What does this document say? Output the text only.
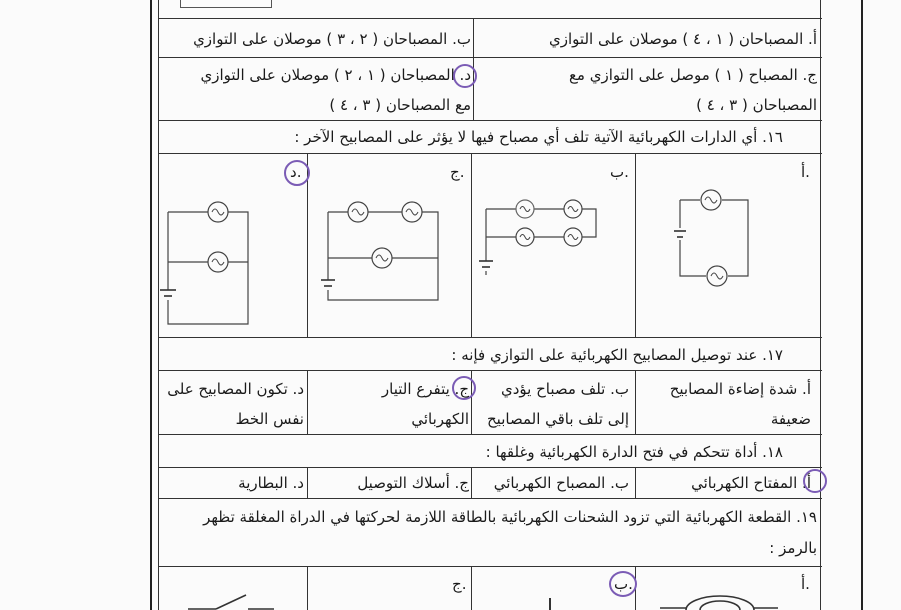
أ. المصباحان ( ١ ، ٤ ) موصلان على التوازي
ب. المصباحان ( ٢ ، ٣ ) موصلان على التوازي
ج. المصباح ( ١ ) موصل على التوازي مع
المصباحان ( ٣ ، ٤ )
د. المصباحان ( ١ ، ٢ ) موصلان على التوازي
مع المصباحان ( ٣ ، ٤ )
١٦. أي الدارات الكهربائية الآتية تلف أي مصباح فيها لا يؤثر على المصابيح الآخر :
أ.
ب.
ج.
د.
١٧. عند توصيل المصابيح الكهربائية على التوازي فإنه :
أ. شدة إضاءة المصابيح
ضعيفة
ب. تلف مصباح يؤدي
إلى تلف باقي المصابيح
ج. يتفرع التيار
الكهربائي
د. تكون المصابيح على
نفس الخط
١٨. أداة تتحكم في فتح الدارة الكهربائية وغلقها :
أ. المفتاح الكهربائي
ب. المصباح الكهربائي
ج. أسلاك التوصيل
د. البطارية
١٩. القطعة الكهربائية التي تزود الشحنات الكهربائية بالطاقة اللازمة لحركتها في الدراة المغلقة تظهر
بالرمز :
أ.
ب.
ج.
